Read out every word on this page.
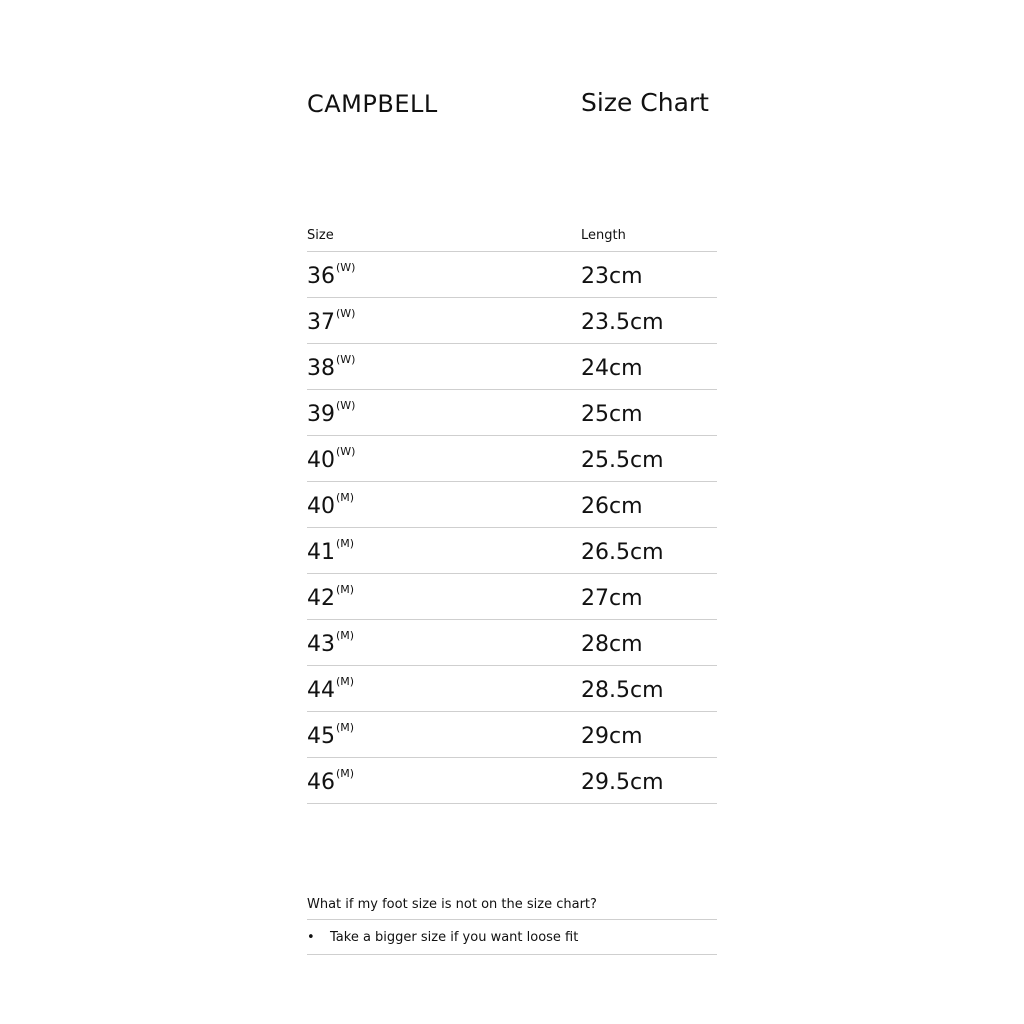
CAMPBELL	Size Chart
Size	Length
$36^{(W)}$	23cm
$37^{(W)}$	23.5cm
$38^{(W)}$	24cm
$39^{(W)}$	25cm
$40^{(W)}$	25.5cm
$40^{(M)}$	26cm
$41^{(M)}$	26.5cm
$42^{(M)}$	27cm
$43^{(M)}$	28cm
$44^{(M)}$	28.5cm
$45^{(M)}$	29cm
$46^{(M)}$	29.5cm
What if my foot size is not on the size chart?
• Take a bigger size if you want loose fit
